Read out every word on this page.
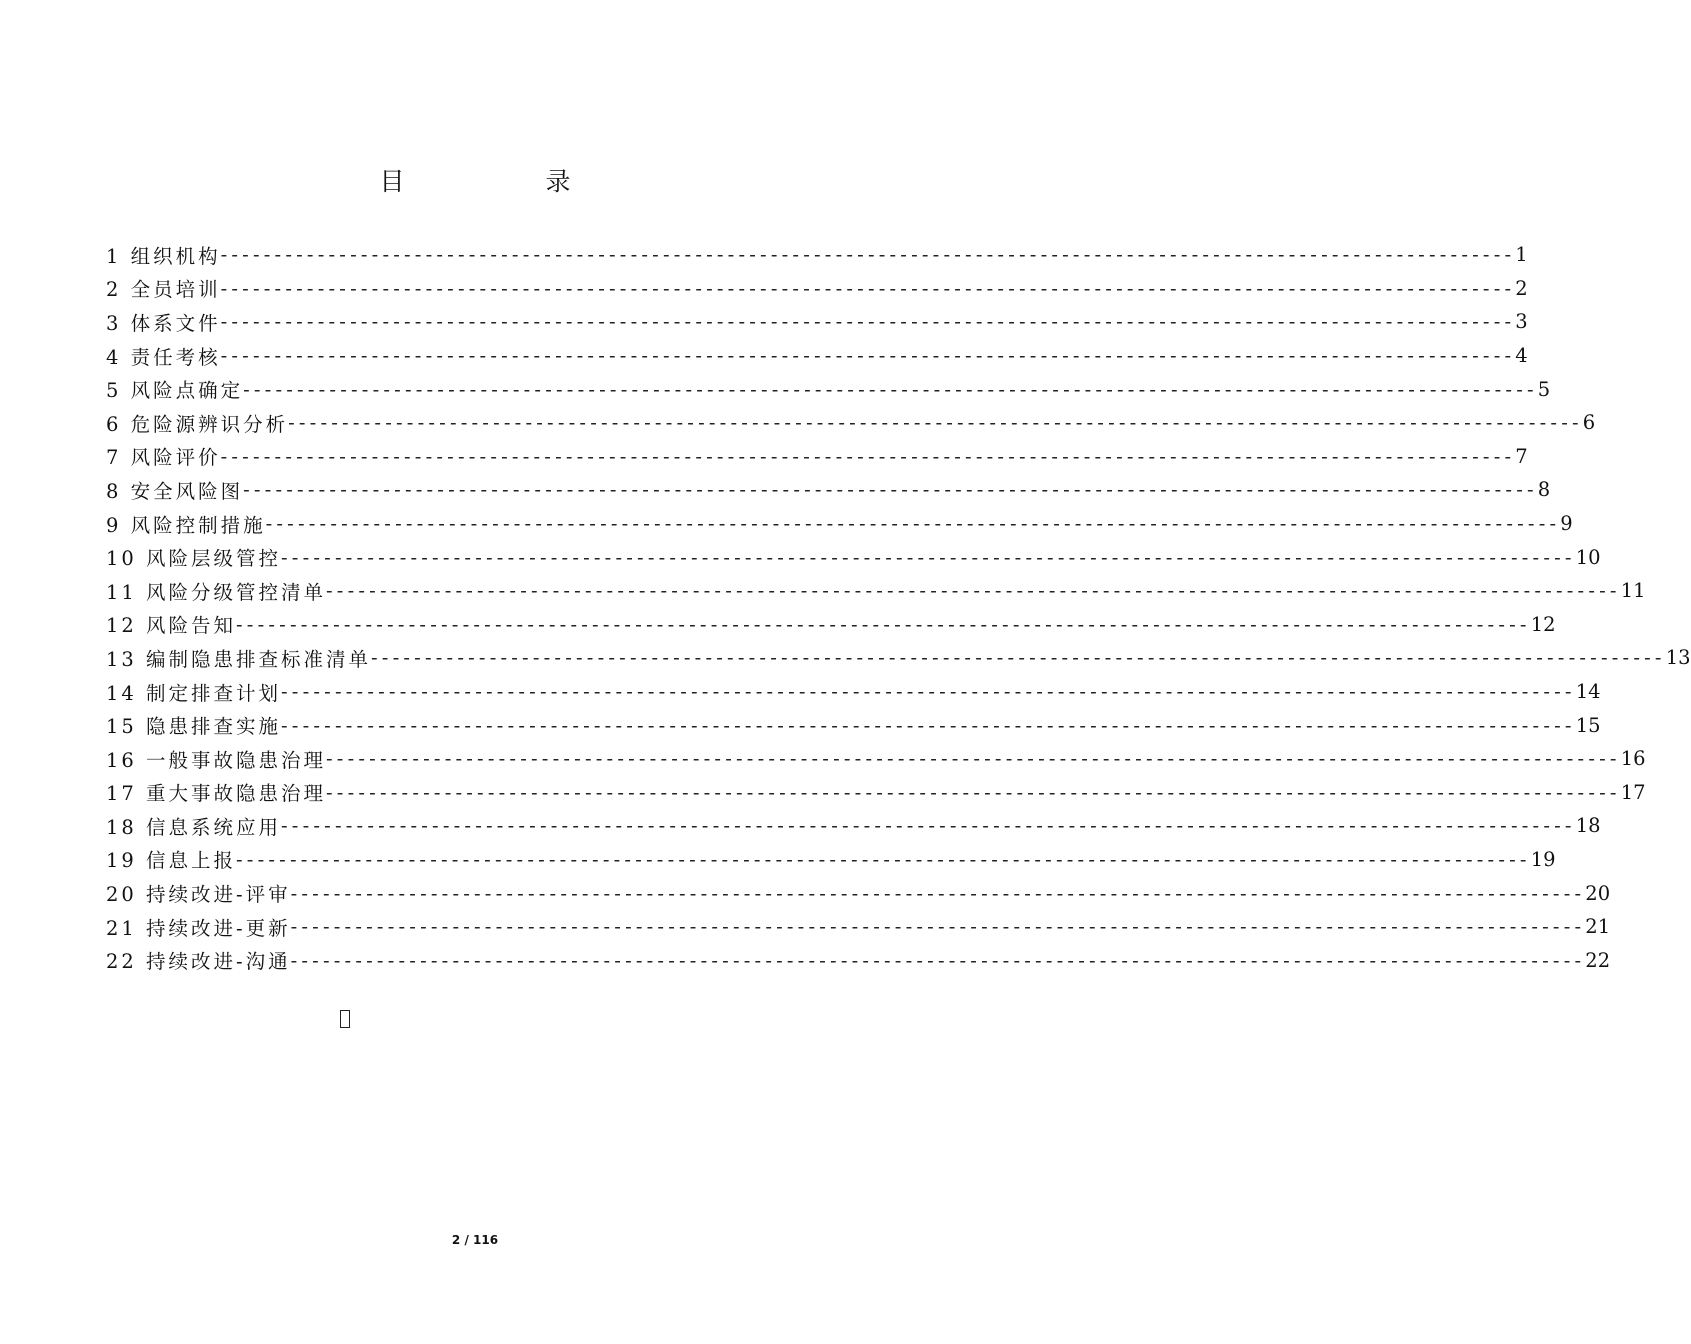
目　录
1 组织机构 ------------------------------------------------------------------------------------------------------------------------ 1
2 全员培训 ------------------------------------------------------------------------------------------------------------------------ 2
3 体系文件 ------------------------------------------------------------------------------------------------------------------------ 3
4 责任考核 ------------------------------------------------------------------------------------------------------------------------ 4
5 风险点确定 ------------------------------------------------------------------------------------------------------------------------ 5
6 危险源辨识分析 ------------------------------------------------------------------------------------------------------------------------ 6
7 风险评价 ------------------------------------------------------------------------------------------------------------------------ 7
8 安全风险图 ------------------------------------------------------------------------------------------------------------------------ 8
9 风险控制措施 ------------------------------------------------------------------------------------------------------------------------ 9
10 风险层级管控 ------------------------------------------------------------------------------------------------------------------------ 10
11 风险分级管控清单 ------------------------------------------------------------------------------------------------------------------------ 11
12 风险告知 ------------------------------------------------------------------------------------------------------------------------ 12
13 编制隐患排查标准清单 ------------------------------------------------------------------------------------------------------------------------ 13
14 制定排查计划 ------------------------------------------------------------------------------------------------------------------------ 14
15 隐患排查实施 ------------------------------------------------------------------------------------------------------------------------ 15
16 一般事故隐患治理 ------------------------------------------------------------------------------------------------------------------------ 16
17 重大事故隐患治理 ------------------------------------------------------------------------------------------------------------------------ 17
18 信息系统应用 ------------------------------------------------------------------------------------------------------------------------ 18
19 信息上报 ------------------------------------------------------------------------------------------------------------------------ 19
20 持续改进-评审 ------------------------------------------------------------------------------------------------------------------------ 20
21 持续改进-更新 ------------------------------------------------------------------------------------------------------------------------ 21
22 持续改进-沟通 ------------------------------------------------------------------------------------------------------------------------ 22
2 / 116
